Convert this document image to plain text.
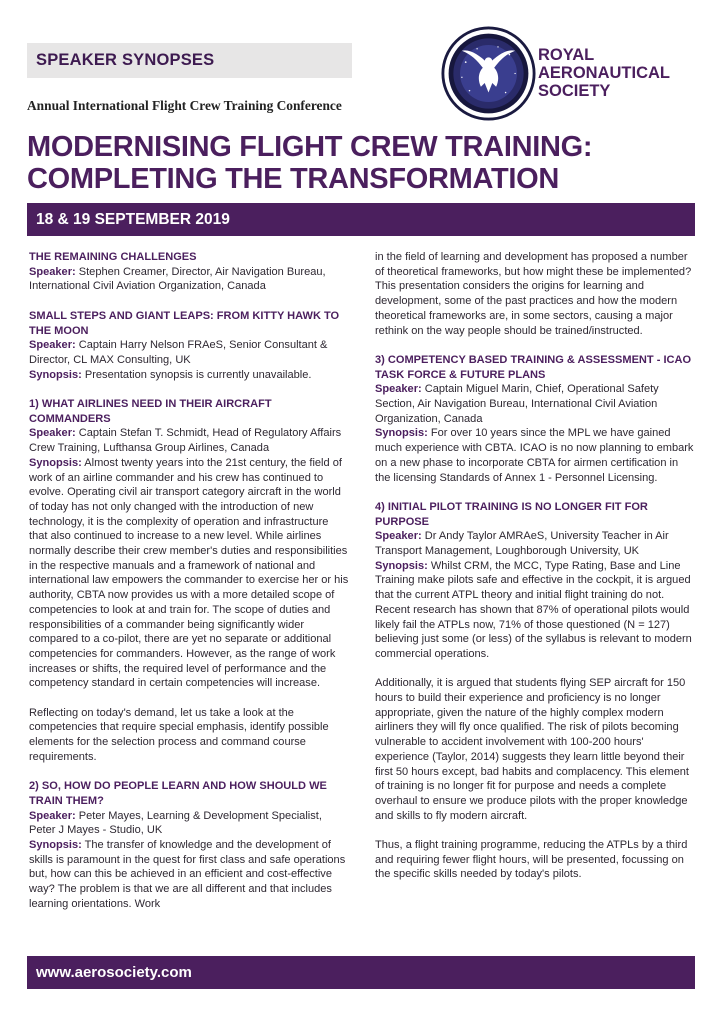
SPEAKER SYNOPSES
Annual International Flight Crew Training Conference
ROYAL
AERONAUTICAL
SOCIETY
MODERNISING FLIGHT CREW TRAINING:
COMPLETING THE TRANSFORMATION
18 & 19 SEPTEMBER 2019
THE REMAINING CHALLENGES

Speaker: Stephen Creamer, Director, Air Navigation Bureau, International Civil Aviation Organization, Canada

SMALL STEPS AND GIANT LEAPS: FROM KITTY HAWK TO THE MOON

Speaker: Captain Harry Nelson FRAeS, Senior Consultant & Director, CL MAX Consulting, UK

Synopsis: Presentation synopsis is currently unavailable.

1) WHAT AIRLINES NEED IN THEIR AIRCRAFT COMMANDERS

Speaker: Captain Stefan T. Schmidt, Head of Regulatory Affairs Crew Training, Lufthansa Group Airlines, Canada

Synopsis: Almost twenty years into the 21st century, the field of work of an airline commander and his crew has continued to evolve. Operating civil air transport category aircraft in the world of today has not only changed with the introduction of new technology, it is the complexity of operation and infrastructure that also continued to increase to a new level. While airlines normally describe their crew member's duties and responsibilities in the respective manuals and a framework of national and international law empowers the commander to exercise her or his authority, CBTA now provides us with a more detailed scope of competencies to look at and train for. The scope of duties and responsibilities of a commander being significantly wider compared to a co-pilot, there are yet no separate or additional competencies for commanders. However, as the range of work increases or shifts, the required level of performance and the competency standard in certain competencies will increase.

Reflecting on today's demand, let us take a look at the competencies that require special emphasis, identify possible elements for the selection process and command course requirements.

2) SO, HOW DO PEOPLE LEARN AND HOW SHOULD WE TRAIN THEM?

Speaker: Peter Mayes, Learning & Development Specialist, Peter J Mayes - Studio, UK

Synopsis: The transfer of knowledge and the development of skills is paramount in the quest for first class and safe operations but, how can this be achieved in an efficient and cost-effective way? The problem is that we are all different and that includes learning orientations. Work

in the field of learning and development has proposed a number of theoretical frameworks, but how might these be implemented? This presentation considers the origins for learning and development, some of the past practices and how the modern theoretical frameworks are, in some sectors, causing a major rethink on the way people should be trained/instructed.

3) COMPETENCY BASED TRAINING & ASSESSMENT - ICAO TASK FORCE & FUTURE PLANS

Speaker: Captain Miguel Marin, Chief, Operational Safety Section, Air Navigation Bureau, International Civil Aviation Organization, Canada

Synopsis: For over 10 years since the MPL we have gained much experience with CBTA. ICAO is no now planning to embark on a new phase to incorporate CBTA for airmen certification in the licensing Standards of Annex 1 - Personnel Licensing.

4) INITIAL PILOT TRAINING IS NO LONGER FIT FOR PURPOSE

Speaker: Dr Andy Taylor AMRAeS, University Teacher in Air Transport Management, Loughborough University, UK

Synopsis: Whilst CRM, the MCC, Type Rating, Base and Line Training make pilots safe and effective in the cockpit, it is argued that the current ATPL theory and initial flight training do not. Recent research has shown that 87% of operational pilots would likely fail the ATPLs now, 71% of those questioned (N = 127) believing just some (or less) of the syllabus is relevant to modern commercial operations.

Additionally, it is argued that students flying SEP aircraft for 150 hours to build their experience and proficiency is no longer appropriate, given the nature of the highly complex modern airliners they will fly once qualified. The risk of pilots becoming vulnerable to accident involvement with 100-200 hours' experience (Taylor, 2014) suggests they learn little beyond their first 50 hours except, bad habits and complacency. This element of training is no longer fit for purpose and needs a complete overhaul to ensure we produce pilots with the proper knowledge and skills to fly modern aircraft.

Thus, a flight training programme, reducing the ATPLs by a third and requiring fewer flight hours, will be presented, focussing on the specific skills needed by today's pilots.

www.aerosociety.com
